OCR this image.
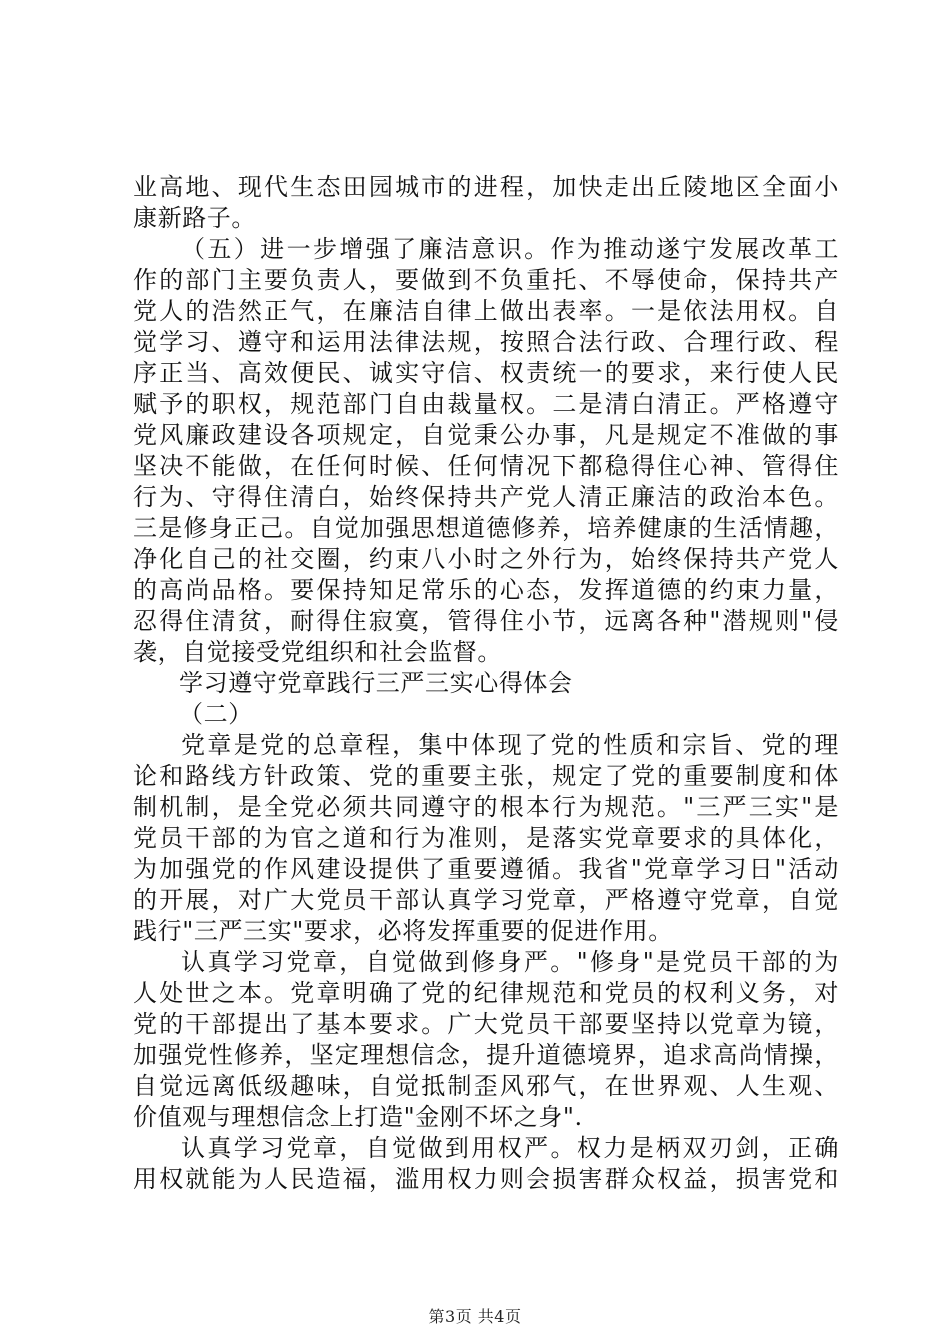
业高地、现代生态田园城市的进程，加快走出丘陵地区全面小
康新路子。
（五）进一步增强了廉洁意识。作为推动遂宁发展改革工
作的部门主要负责人，要做到不负重托、不辱使命，保持共产
党人的浩然正气，在廉洁自律上做出表率。一是依法用权。自
觉学习、遵守和运用法律法规，按照合法行政、合理行政、程
序正当、高效便民、诚实守信、权责统一的要求，来行使人民
赋予的职权，规范部门自由裁量权。二是清白清正。严格遵守
党风廉政建设各项规定，自觉秉公办事，凡是规定不准做的事
坚决不能做，在任何时候、任何情况下都稳得住心神、管得住
行为、守得住清白，始终保持共产党人清正廉洁的政治本色。
三是修身正己。自觉加强思想道德修养，培养健康的生活情趣，
净化自己的社交圈，约束八小时之外行为，始终保持共产党人
的高尚品格。要保持知足常乐的心态，发挥道德的约束力量，
忍得住清贫，耐得住寂寞，管得住小节，远离各种"潜规则"侵
袭，自觉接受党组织和社会监督。
学习遵守党章践行三严三实心得体会
（二）
党章是党的总章程，集中体现了党的性质和宗旨、党的理
论和路线方针政策、党的重要主张，规定了党的重要制度和体
制机制，是全党必须共同遵守的根本行为规范。"三严三实"是
党员干部的为官之道和行为准则，是落实党章要求的具体化，
为加强党的作风建设提供了重要遵循。我省"党章学习日"活动
的开展，对广大党员干部认真学习党章，严格遵守党章，自觉
践行"三严三实"要求，必将发挥重要的促进作用。
认真学习党章，自觉做到修身严。"修身"是党员干部的为
人处世之本。党章明确了党的纪律规范和党员的权利义务，对
党的干部提出了基本要求。广大党员干部要坚持以党章为镜，
加强党性修养，坚定理想信念，提升道德境界，追求高尚情操，
自觉远离低级趣味，自觉抵制歪风邪气，在世界观、人生观、
价值观与理想信念上打造"金刚不坏之身".
认真学习党章，自觉做到用权严。权力是柄双刃剑，正确
用权就能为人民造福，滥用权力则会损害群众权益，损害党和
第3页 共4页
